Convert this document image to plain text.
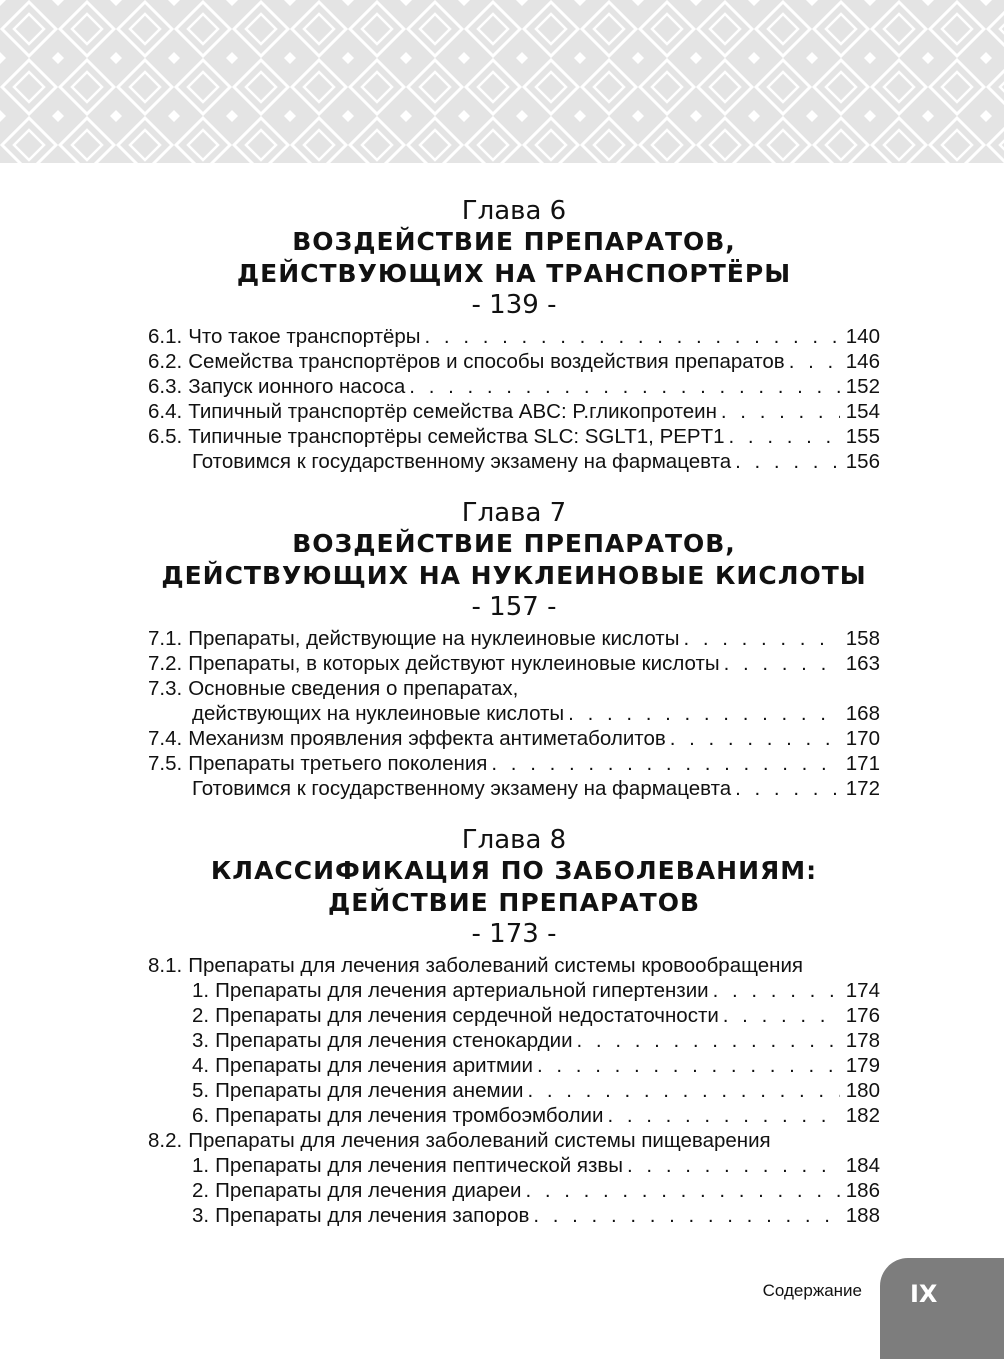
Глава 6
ВОЗДЕЙСТВИЕ ПРЕПАРАТОВ,
ДЕЙСТВУЮЩИХ НА ТРАНСПОРТЁРЫ
- 139 -
6.1. Что такое транспортёры . . .	140
6.2. Семейства транспортёров и способы воздействия препаратов . . .	146
6.3. Запуск ионного насоса . . .	152
6.4. Типичный транспортёр семейства ABC: P.гликопротеин . . .	154
6.5. Типичные транспортёры семейства SLC: SGLT1, PEPT1 . . .	155
Готовимся к государственному экзамену на фармацевта . . .	156
Глава 7
ВОЗДЕЙСТВИЕ ПРЕПАРАТОВ,
ДЕЙСТВУЮЩИХ НА НУКЛЕИНОВЫЕ КИСЛОТЫ
- 157 -
7.1. Препараты, действующие на нуклеиновые кислоты . . .	158
7.2. Препараты, в которых действуют нуклеиновые кислоты . . .	163
7.3. Основные сведения о препаратах,
действующих на нуклеиновые кислоты . . .	168
7.4. Механизм проявления эффекта антиметаболитов . . .	170
7.5. Препараты третьего поколения . . .	171
Готовимся к государственному экзамену на фармацевта . . .	172
Глава 8
КЛАССИФИКАЦИЯ ПО ЗАБОЛЕВАНИЯМ:
ДЕЙСТВИЕ ПРЕПАРАТОВ
- 173 -
8.1. Препараты для лечения заболеваний системы кровообращения
1. Препараты для лечения артериальной гипертензии . . .	174
2. Препараты для лечения сердечной недостаточности . . .	176
3. Препараты для лечения стенокардии . . .	178
4. Препараты для лечения аритмии . . .	179
5. Препараты для лечения анемии . . .	180
6. Препараты для лечения тромбоэмболии . . .	182
8.2. Препараты для лечения заболеваний системы пищеварения
1. Препараты для лечения пептической язвы . . .	184
2. Препараты для лечения диареи . . .	186
3. Препараты для лечения запоров . . .	188
Содержание IX
